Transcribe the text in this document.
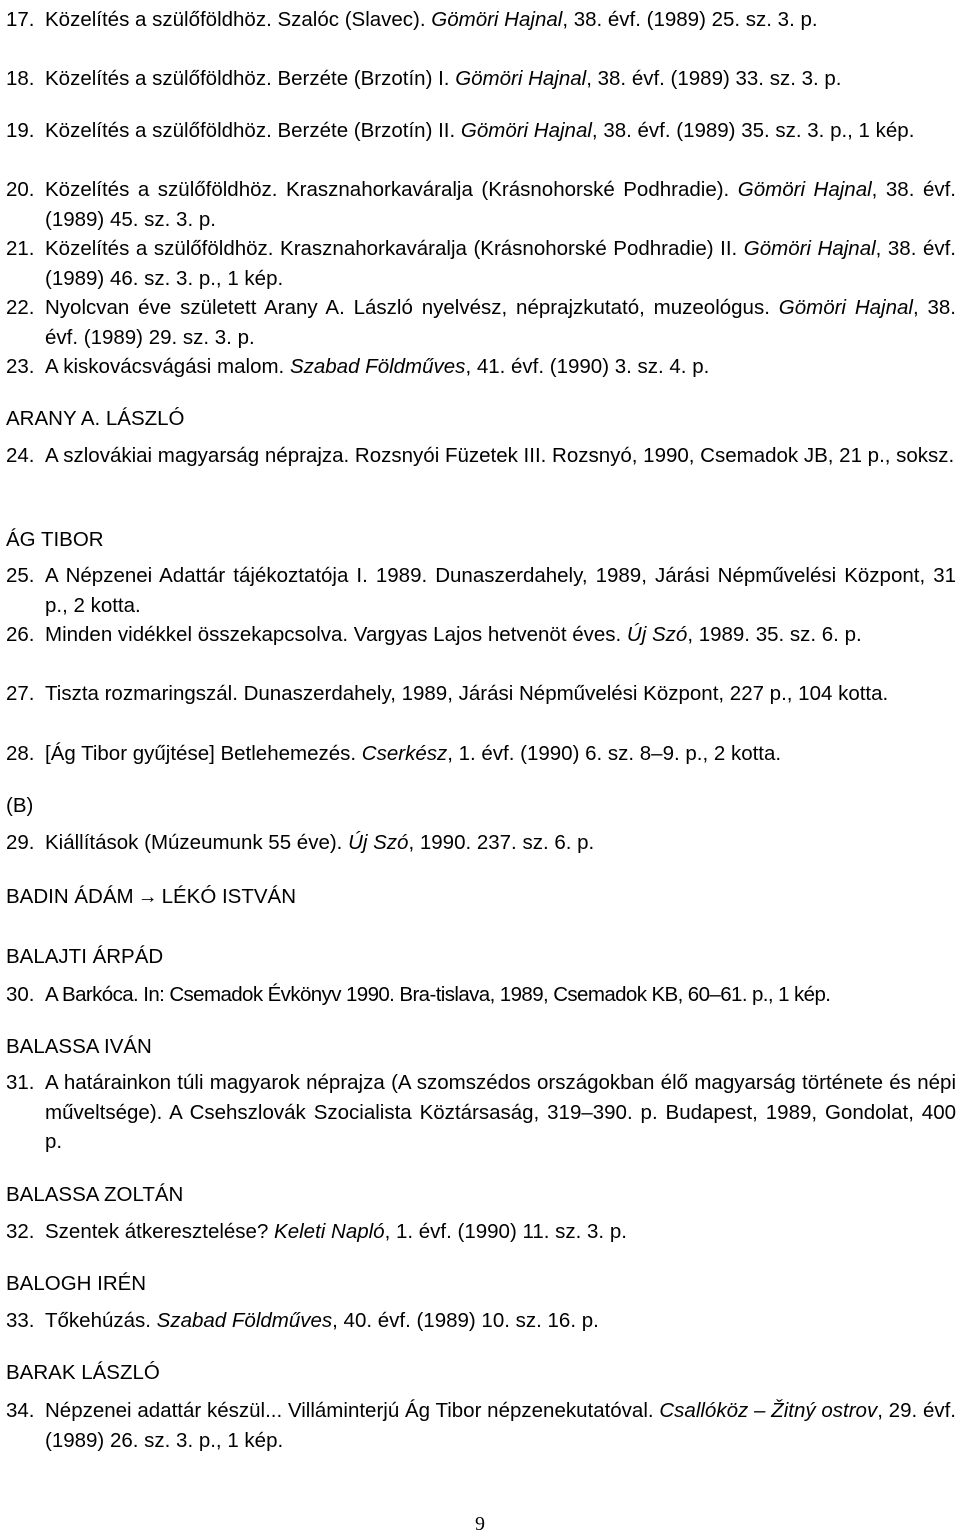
17. Közelítés a szülőföldhöz. Szalóc (Slavec). Gömöri Hajnal, 38. évf. (1989) 25. sz. 3. p.
18. Közelítés a szülőföldhöz. Berzéte (Brzotín) I. Gömöri Hajnal, 38. évf. (1989) 33. sz. 3. p.
19. Közelítés a szülőföldhöz. Berzéte (Brzotín) II. Gömöri Hajnal, 38. évf. (1989) 35. sz. 3. p., 1 kép.
20. Közelítés a szülőföldhöz. Krasznahorkaváralja (Krásnohorské Podhradie). Gömöri Hajnal, 38. évf. (1989) 45. sz. 3. p.
21. Közelítés a szülőföldhöz. Krasznahorkaváralja (Krásnohorské Podhradie) II. Gömöri Hajnal, 38. évf. (1989) 46. sz. 3. p., 1 kép.
22. Nyolcvan éve született Arany A. László nyelvész, néprajzkutató, muzeológus. Gömöri Hajnal, 38. évf. (1989) 29. sz. 3. p.
23. A kiskovácsvágási malom. Szabad Földműves, 41. évf. (1990) 3. sz. 4. p.
ARANY A. LÁSZLÓ
24. A szlovákiai magyarság néprajza. Rozsnyói Füzetek III. Rozsnyó, 1990, Csemadok JB, 21 p., soksz.
ÁG TIBOR
25. A Népzenei Adattár tájékoztatója I. 1989. Dunaszerdahely, 1989, Járási Népművelési Központ, 31 p., 2 kotta.
26. Minden vidékkel összekapcsolva. Vargyas Lajos hetvenöt éves. Új Szó, 1989. 35. sz. 6. p.
27. Tiszta rozmaringszál. Dunaszerdahely, 1989, Járási Népművelési Központ, 227 p., 104 kotta.
28. [Ág Tibor gyűjtése] Betlehemezés. Cserkész, 1. évf. (1990) 6. sz. 8–9. p., 2 kotta.
(B)
29. Kiállítások (Múzeumunk 55 éve). Új Szó, 1990. 237. sz. 6. p.
BADIN ÁDÁM → LÉKÓ ISTVÁN
BALAJTI ÁRPÁD
30. A Barkóca. In: Csemadok Évkönyv 1990. Bra-tislava, 1989, Csemadok KB, 60–61. p., 1 kép.
BALASSA IVÁN
31. A határainkon túli magyarok néprajza (A szomszédos országokban élő magyarság története és népi műveltsége). A Csehszlovák Szocialista Köztársaság, 319–390. p. Budapest, 1989, Gondolat, 400 p.
BALASSA ZOLTÁN
32. Szentek átkeresztelése? Keleti Napló, 1. évf. (1990) 11. sz. 3. p.
BALOGH IRÉN
33. Tőkehúzás. Szabad Földműves, 40. évf. (1989) 10. sz. 16. p.
BARAK LÁSZLÓ
34. Népzenei adattár készül... Villáminterjú Ág Tibor népzenekutatóval. Csallóköz – Žitný ostrov, 29. évf. (1989) 26. sz. 3. p., 1 kép.
9
